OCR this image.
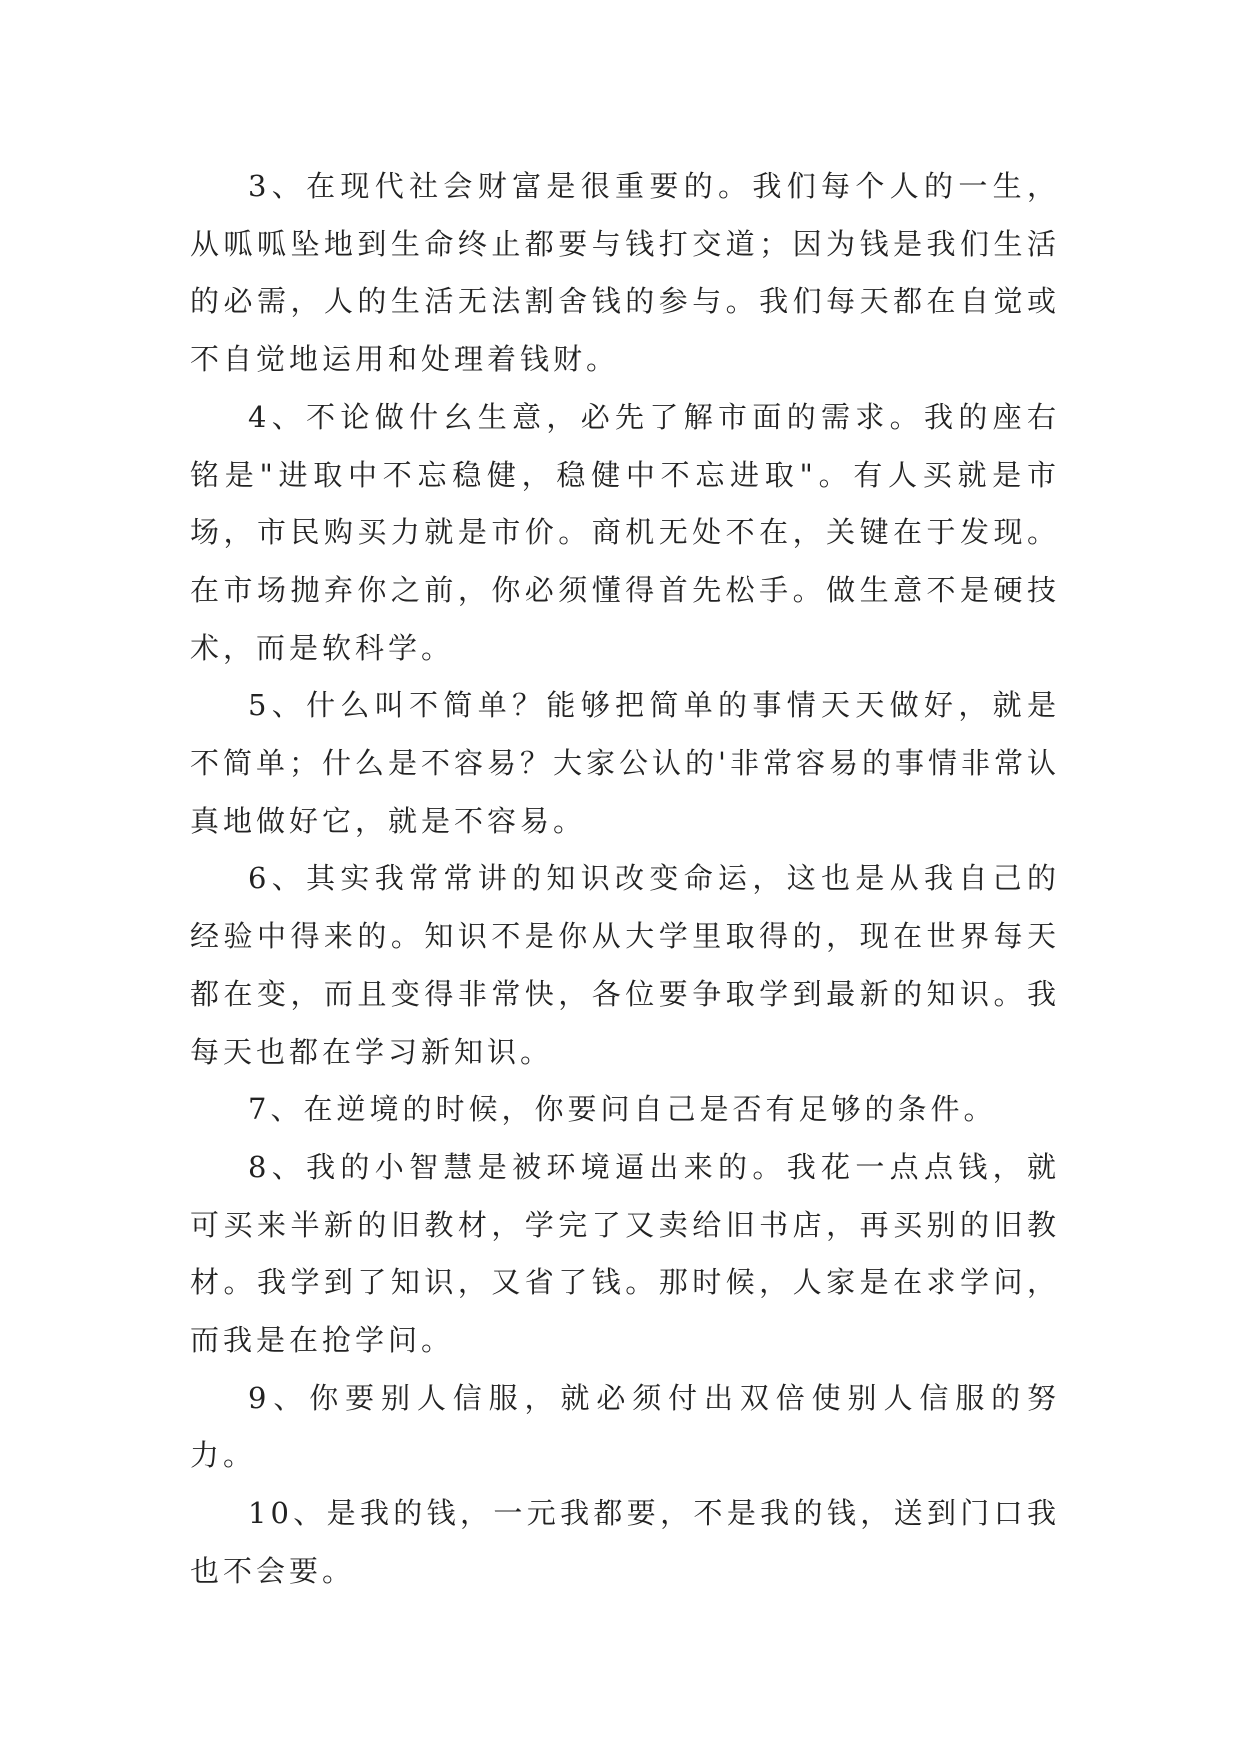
3、在现代社会财富是很重要的。我们每个人的一生，从呱呱坠地到生命终止都要与钱打交道；因为钱是我们生活的必需，人的生活无法割舍钱的参与。我们每天都在自觉或不自觉地运用和处理着钱财。

4、不论做什幺生意，必先了解市面的需求。我的座右铭是"进取中不忘稳健，稳健中不忘进取"。有人买就是市场，市民购买力就是市价。商机无处不在，关键在于发现。在市场抛弃你之前，你必须懂得首先松手。做生意不是硬技术，而是软科学。

5、什么叫不简单？能够把简单的事情天天做好，就是不简单；什么是不容易？大家公认的'非常容易的事情非常认真地做好它，就是不容易。

6、其实我常常讲的知识改变命运，这也是从我自己的经验中得来的。知识不是你从大学里取得的，现在世界每天都在变，而且变得非常快，各位要争取学到最新的知识。我每天也都在学习新知识。

7、在逆境的时候，你要问自己是否有足够的条件。

8、我的小智慧是被环境逼出来的。我花一点点钱，就可买来半新的旧教材，学完了又卖给旧书店，再买别的旧教材。我学到了知识，又省了钱。那时候，人家是在求学问，而我是在抢学问。

9、你要别人信服，就必须付出双倍使别人信服的努力。

10、是我的钱，一元我都要，不是我的钱，送到门口我也不会要。
